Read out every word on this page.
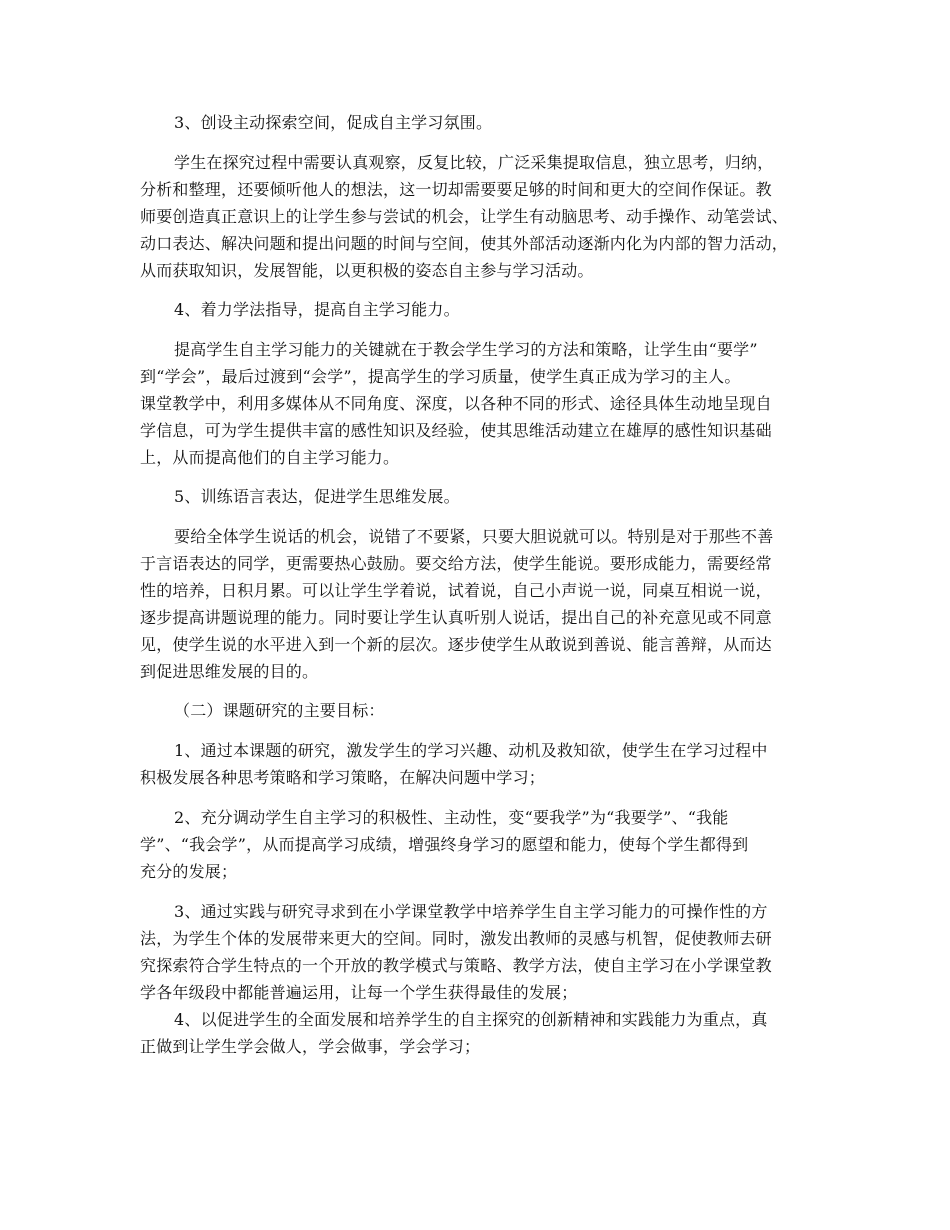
3、创设主动探索空间，促成自主学习氛围。
学生在探究过程中需要认真观察，反复比较，广泛采集提取信息，独立思考，归纳，
分析和整理，还要倾听他人的想法，这一切却需要要足够的时间和更大的空间作保证。教
师要创造真正意识上的让学生参与尝试的机会，让学生有动脑思考、动手操作、动笔尝试、
动口表达、解决问题和提出问题的时间与空间，使其外部活动逐渐内化为内部的智力活动，
从而获取知识，发展智能，以更积极的姿态自主参与学习活动。
4、着力学法指导，提高自主学习能力。
提高学生自主学习能力的关键就在于教会学生学习的方法和策略，让学生由“要学”
到“学会”，最后过渡到“会学”，提高学生的学习质量，使学生真正成为学习的主人。
课堂教学中，利用多媒体从不同角度、深度，以各种不同的形式、途径具体生动地呈现自
学信息，可为学生提供丰富的感性知识及经验，使其思维活动建立在雄厚的感性知识基础
上，从而提高他们的自主学习能力。
5、训练语言表达，促进学生思维发展。
要给全体学生说话的机会，说错了不要紧，只要大胆说就可以。特别是对于那些不善
于言语表达的同学，更需要热心鼓励。要交给方法，使学生能说。要形成能力，需要经常
性的培养，日积月累。可以让学生学着说，试着说，自己小声说一说，同桌互相说一说，
逐步提高讲题说理的能力。同时要让学生认真听别人说话，提出自己的补充意见或不同意
见，使学生说的水平进入到一个新的层次。逐步使学生从敢说到善说、能言善辩，从而达
到促进思维发展的目的。
（二）课题研究的主要目标：
1、通过本课题的研究，激发学生的学习兴趣、动机及救知欲，使学生在学习过程中
积极发展各种思考策略和学习策略，在解决问题中学习；
2、充分调动学生自主学习的积极性、主动性，变“要我学”为“我要学”、“我能
学”、“我会学”，从而提高学习成绩，增强终身学习的愿望和能力，使每个学生都得到
充分的发展；
3、通过实践与研究寻求到在小学课堂教学中培养学生自主学习能力的可操作性的方
法，为学生个体的发展带来更大的空间。同时，激发出教师的灵感与机智，促使教师去研
究探索符合学生特点的一个开放的教学模式与策略、教学方法，使自主学习在小学课堂教
学各年级段中都能普遍运用，让每一个学生获得最佳的发展；
4、以促进学生的全面发展和培养学生的自主探究的创新精神和实践能力为重点，真
正做到让学生学会做人，学会做事，学会学习；
